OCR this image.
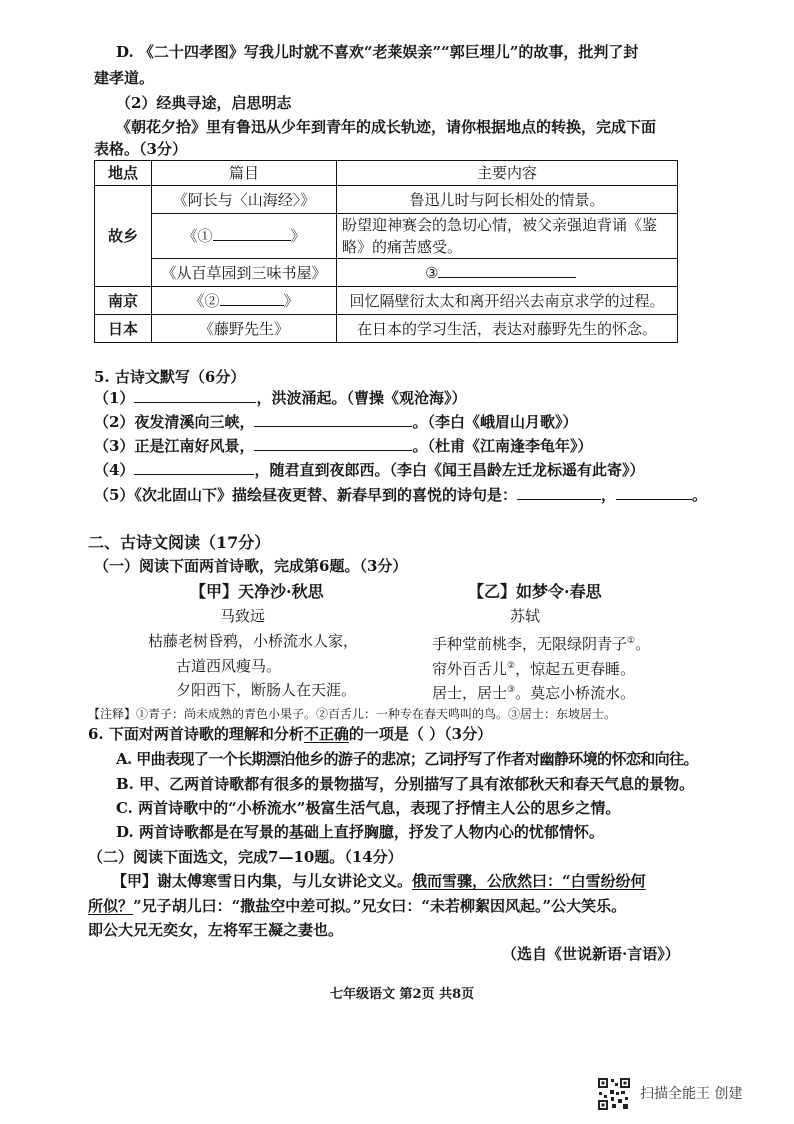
D. 《二十四孝图》写我儿时就不喜欢“老莱娱亲”“郭巨埋儿”的故事，批判了封
建孝道。
（2）经典寻途，启思明志
《朝花夕拾》里有鲁迅从少年到青年的成长轨迹，请你根据地点的转换，完成下面
表格。（3分）
地点	篇目	主要内容
故乡	《阿长与〈山海经〉》	鲁迅儿时与阿长相处的情景。
	《① 》	盼望迎神赛会的急切心情，被父亲强迫背诵《鉴
略》的痛苦感受。

	《从百草园到三味书屋》	③
南京	《② 》	回忆隔壁衍太太和离开绍兴去南京求学的过程。
日本	《藤野先生》	在日本的学习生活，表达对藤野先生的怀念。
5. 古诗文默写（6分）
（1）	，洪波涌起。（曹操《观沧海》）
（2）夜发清溪向三峡，	。（李白《峨眉山月歌》）
（3）正是江南好风景，	。（杜甫《江南逢李龟年》）
（4）	，随君直到夜郎西。（李白《闻王昌龄左迁龙标遥有此寄》）
（5）《次北固山下》描绘昼夜更替、新春早到的喜悦的诗句是：	，	。
二、古诗文阅读（17分）
（一）阅读下面两首诗歌，完成第6题。（3分）
【甲】天净沙·秋思
马致远
枯藤老树昏鸦，小桥流水人家，
古道西风瘦马。
夕阳西下，断肠人在天涯。
【乙】如梦令·春思
苏轼
手种堂前桃李，无限绿阴青子①。
帘外百舌儿②，惊起五更春睡。
居士，居士③。莫忘小桥流水。
【注释】①青子：尚未成熟的青色小果子。②百舌儿：一种专在春天鸣叫的鸟。③居士：东坡居士。
6. 下面对两首诗歌的理解和分析不正确的一项是（ ）（3分）
A. 甲曲表现了一个长期漂泊他乡的游子的悲凉；乙词抒写了作者对幽静环境的怀恋和向往。
B. 甲、乙两首诗歌都有很多的景物描写，分别描写了具有浓郁秋天和春天气息的景物。
C. 两首诗歌中的“小桥流水”极富生活气息，表现了抒情主人公的思乡之情。
D. 两首诗歌都是在写景的基础上直抒胸臆，抒发了人物内心的忧郁情怀。
（二）阅读下面选文，完成7—10题。（14分）
【甲】谢太傅寒雪日内集，与儿女讲论文义。俄而雪骤，公欣然曰：“白雪纷纷何
所似？”兄子胡儿曰：“撒盐空中差可拟。”兄女曰：“未若柳絮因风起。”公大笑乐。
即公大兄无奕女，左将军王凝之妻也。
（选自《世说新语·言语》）
七年级语文 第2页 共8页
扫描全能王 创建
